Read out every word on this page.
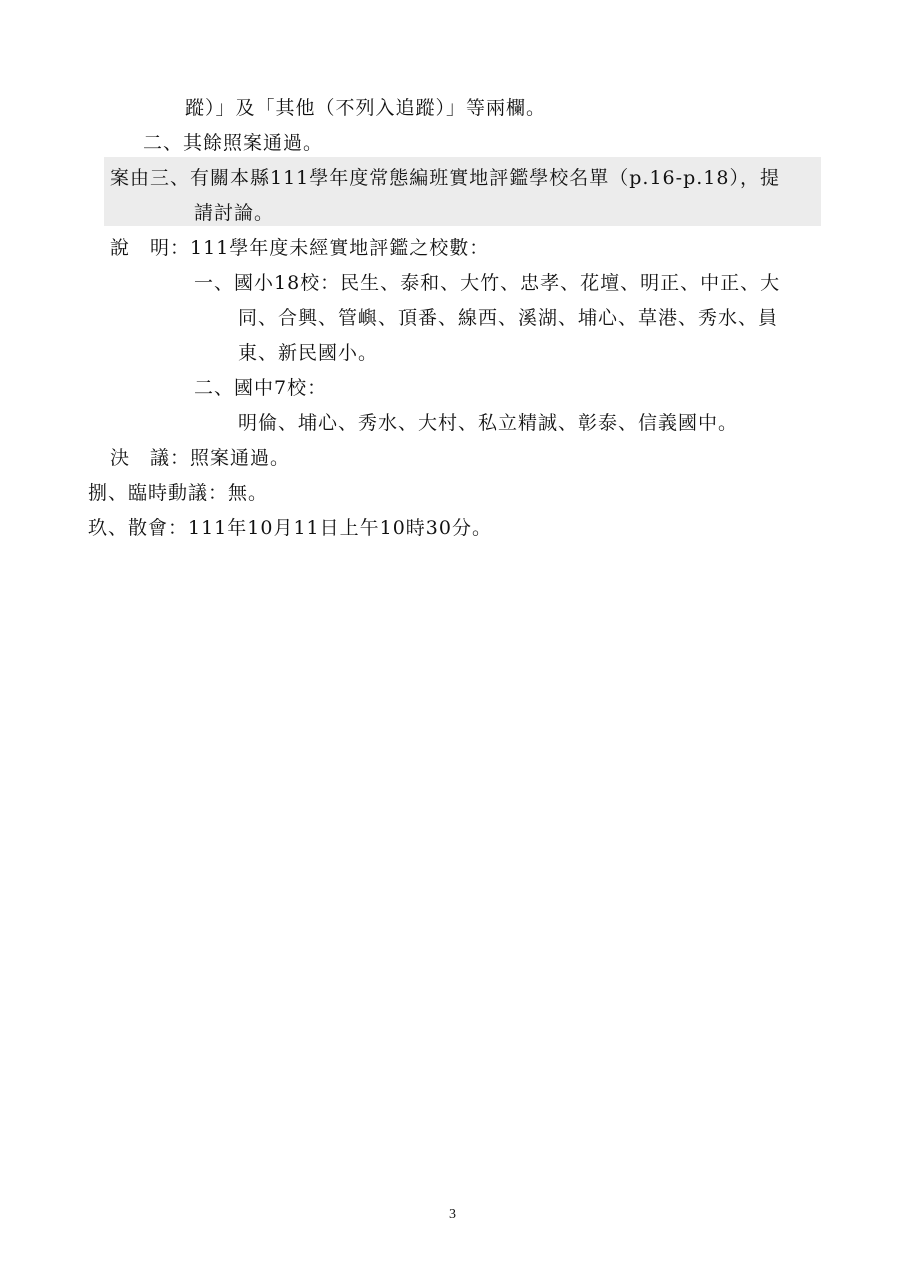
蹤）」及「其他（不列入追蹤）」等兩欄。
二、其餘照案通過。
案由三、有關本縣111學年度常態編班實地評鑑學校名單（p.16-p.18），提
請討論。
說　明：111學年度未經實地評鑑之校數：
一、國小18校：民生、泰和、大竹、忠孝、花壇、明正、中正、大
同、合興、管嶼、頂番、線西、溪湖、埔心、草港、秀水、員
東、新民國小。
二、國中7校：
明倫、埔心、秀水、大村、私立精誠、彰泰、信義國中。
決　議：照案通過。
捌、臨時動議：無。
玖、散會：111年10月11日上午10時30分。
3
